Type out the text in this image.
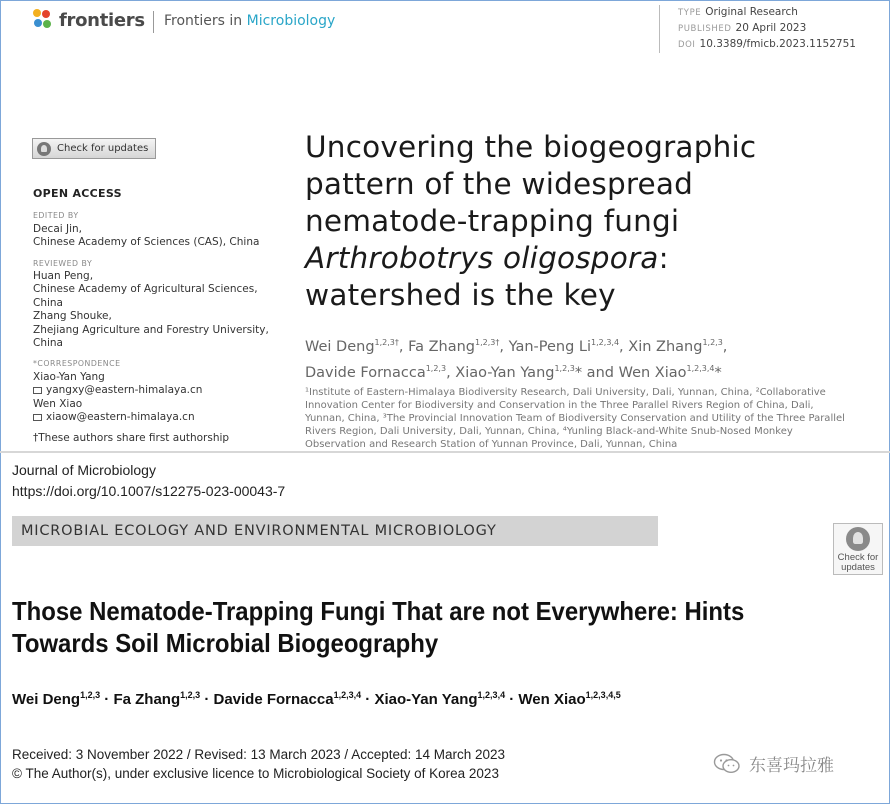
frontiers Frontiers in Microbiology	TYPE Original Research
PUBLISHED 20 April 2023
DOI 10.3389/fmicb.2023.1152751
Check for updates
OPEN ACCESS
EDITED BY
Decai Jin,
Chinese Academy of Sciences (CAS), China
REVIEWED BY
Huan Peng,
Chinese Academy of Agricultural Sciences,
China
Zhang Shouke,
Zhejiang Agriculture and Forestry University,
China
*CORRESPONDENCE
Xiao-Yan Yang
yangxy@eastern-himalaya.cn
Wen Xiao
xiaow@eastern-himalaya.cn
†These authors share first authorship
Uncovering the biogeographic
pattern of the widespread
nematode-trapping fungi
Arthrobotrys oligospora:
watershed is the key
Wei Deng$^{1,2,3\dagger}$, Fa Zhang$^{1,2,3\dagger}$, Yan-Peng Li$^{1,2,3,4}$, Xin Zhang$^{1,2,3}$,
Davide Fornacca$^{1,2,3}$, Xiao-Yan Yang$^{1,2,3}$* and Wen Xiao$^{1,2,3,4}$*
¹Institute of Eastern-Himalaya Biodiversity Research, Dali University, Dali, Yunnan, China, ²Collaborative Innovation Center for Biodiversity and Conservation in the Three Parallel Rivers Region of China, Dali, Yunnan, China, ³The Provincial Innovation Team of Biodiversity Conservation and Utility of the Three Parallel Rivers Region, Dali University, Dali, Yunnan, China, ⁴Yunling Black-and-White Snub-Nosed Monkey Observation and Research Station of Yunnan Province, Dali, Yunnan, China
Journal of Microbiology
https://doi.org/10.1007/s12275-023-00043-7
MICROBIAL ECOLOGY AND ENVIRONMENTAL MICROBIOLOGY
Check for
updates
Those Nematode-Trapping Fungi That are not Everywhere: Hints
Towards Soil Microbial Biogeography
Wei Deng$^{1,2,3}$ · Fa Zhang$^{1,2,3}$ · Davide Fornacca$^{1,2,3,4}$ · Xiao-Yan Yang$^{1,2,3,4}$ · Wen Xiao$^{1,2,3,4,5}$
Received: 3 November 2022 / Revised: 13 March 2023 / Accepted: 14 March 2023
© The Author(s), under exclusive licence to Microbiological Society of Korea 2023	东喜玛拉雅
